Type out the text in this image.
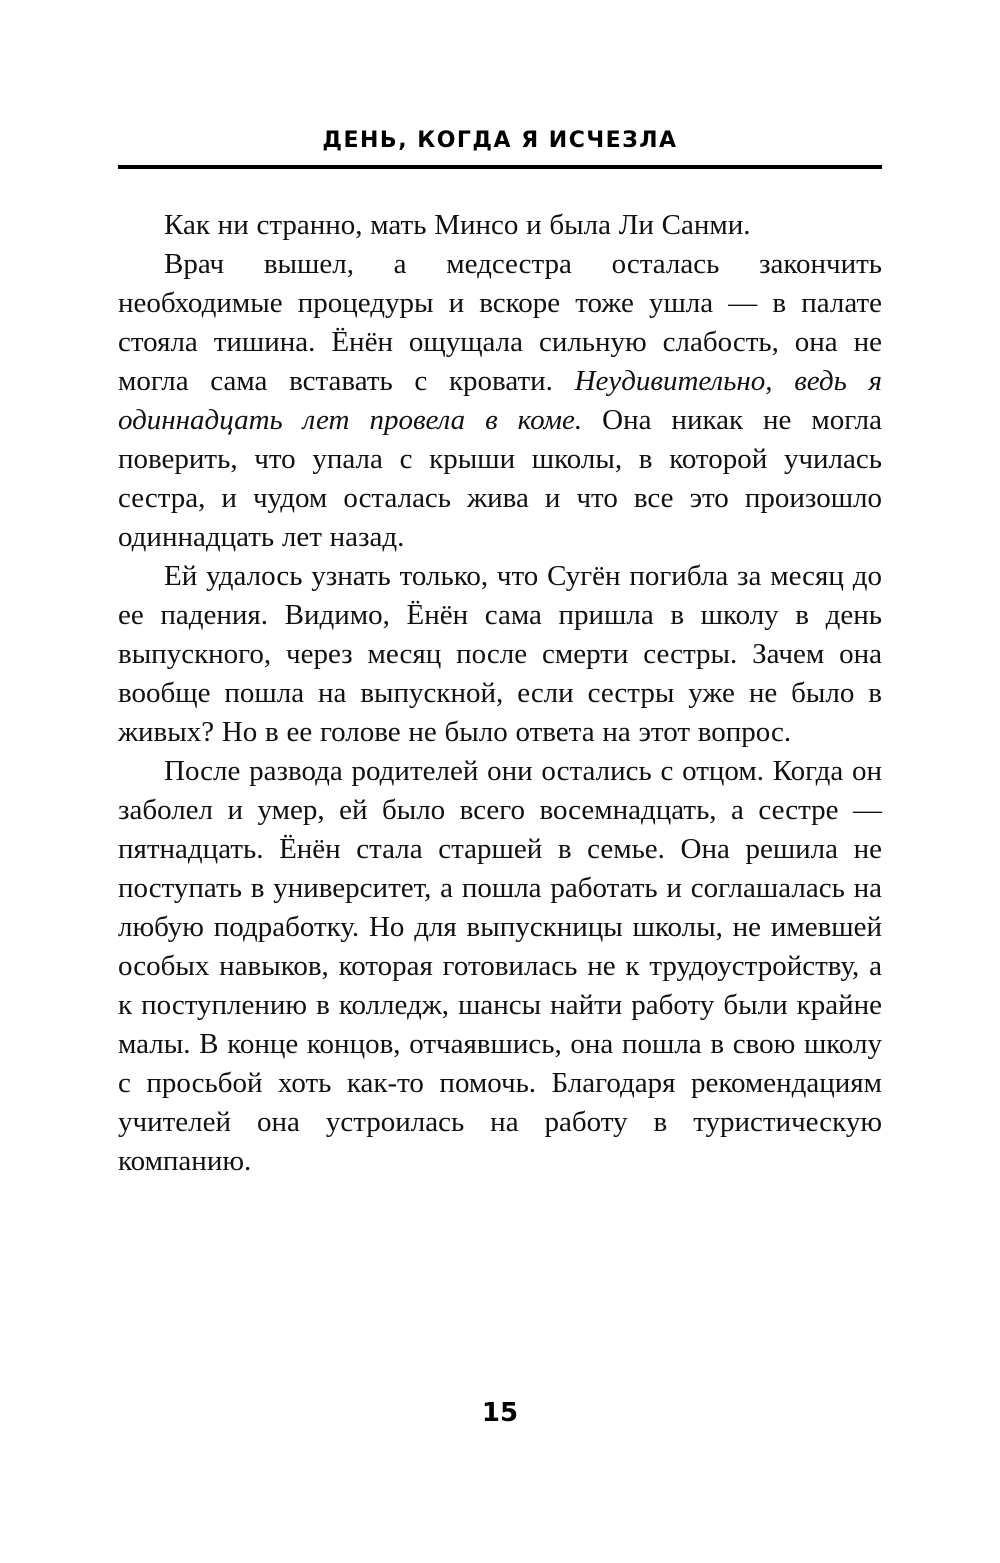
ДЕНЬ, КОГДА Я ИСЧЕЗЛА

Как ни странно, мать Минсо и была Ли Санми.

Врач вышел, а медсестра осталась закончить необходимые процедуры и вскоре тоже ушла — в палате стояла тишина. Ёнён ощущала сильную слабость, она не могла сама вставать с кровати. Неудивительно, ведь я одиннадцать лет провела в коме. Она никак не могла поверить, что упала с крыши школы, в которой училась сестра, и чудом осталась жива и что все это произошло одиннадцать лет назад.

Ей удалось узнать только, что Сугён погибла за месяц до ее падения. Видимо, Ёнён сама пришла в школу в день выпускного, через месяц после смерти сестры. Зачем она вообще пошла на выпускной, если сестры уже не было в живых? Но в ее голове не было ответа на этот вопрос.

После развода родителей они остались с отцом. Когда он заболел и умер, ей было всего восемнадцать, а сестре — пятнадцать. Ёнён стала старшей в семье. Она решила не поступать в университет, а пошла работать и соглашалась на любую подработку. Но для выпускницы школы, не имевшей особых навыков, которая готовилась не к трудоустройству, а к поступлению в колледж, шансы найти работу были крайне малы. В конце концов, отчаявшись, она пошла в свою школу с просьбой хоть как-то помочь. Благодаря рекомендациям учителей она устроилась на работу в туристическую компанию.

15
